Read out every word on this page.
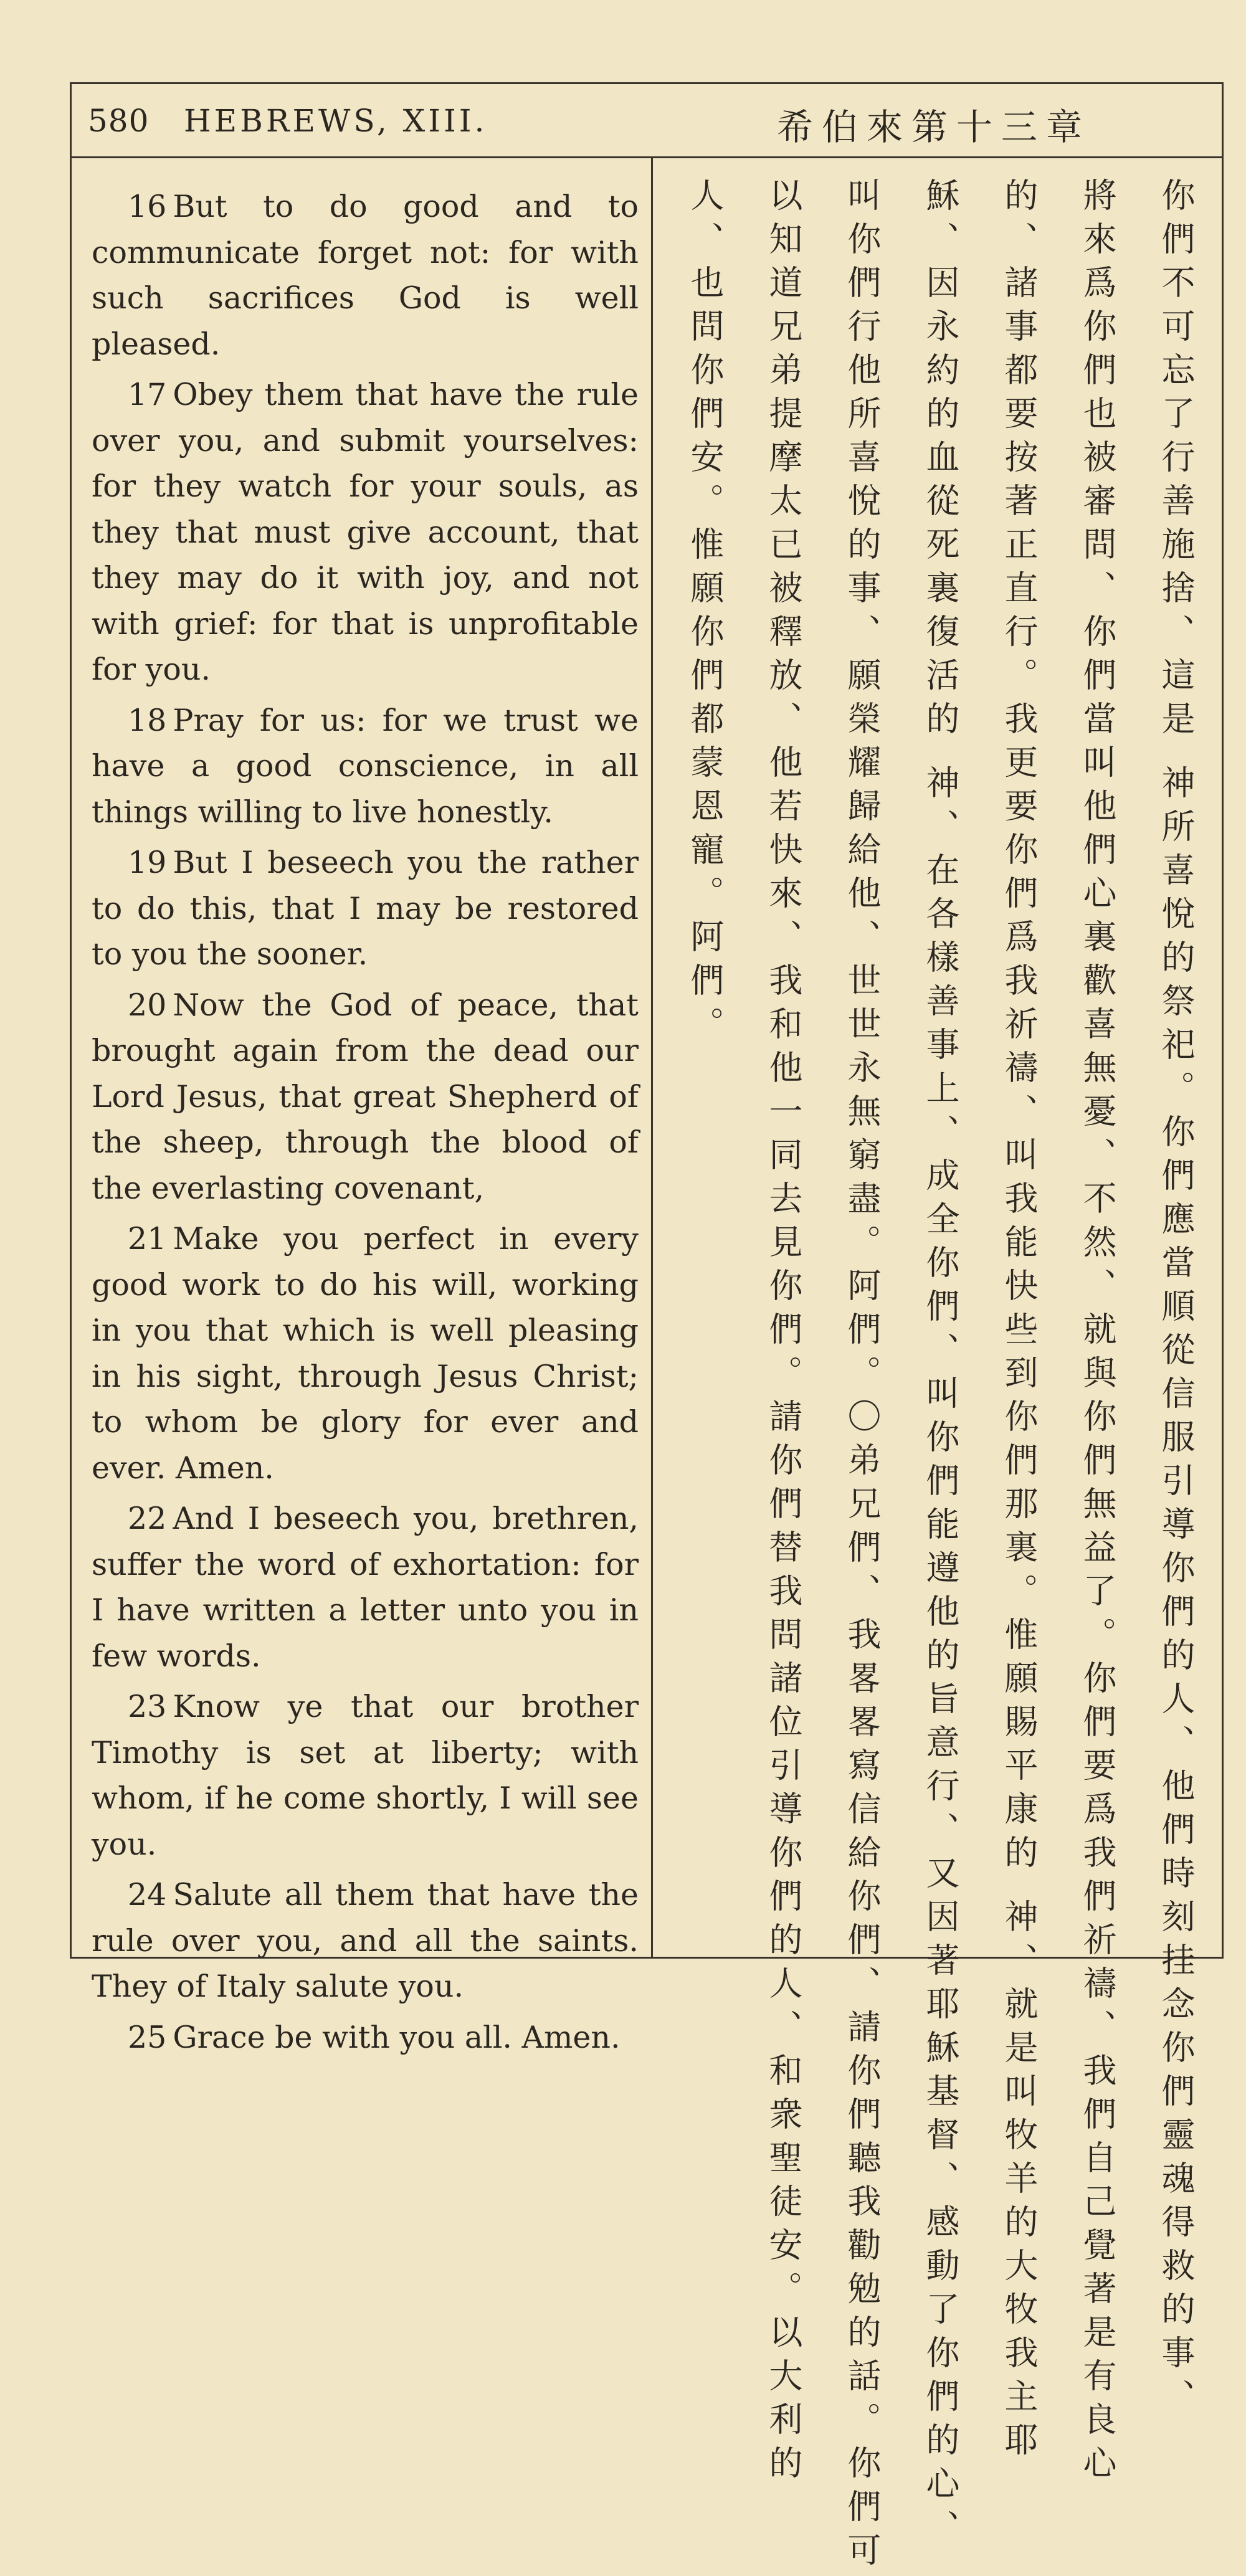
580 HEBREWS, XIII.	希伯來第十三章

16 But to do good and to communicate forget not: for with such sacrifices God is well pleased.

17 Obey them that have the rule over you, and submit yourselves: for they watch for your souls, as they that must give account, that they may do it with joy, and not with grief: for that is unprofitable for you.

18 Pray for us: for we trust we have a good conscience, in all things willing to live honestly.

19 But I beseech you the rather to do this, that I may be restored to you the sooner.

20 Now the God of peace, that brought again from the dead our Lord Jesus, that great Shepherd of the sheep, through the blood of the everlasting covenant,

21 Make you perfect in every good work to do his will, working in you that which is well pleasing in his sight, through Jesus Christ; to whom be glory for ever and ever. Amen.

22 And I beseech you, brethren, suffer the word of exhortation: for I have written a letter unto you in few words.

23 Know ye that our brother Timothy is set at liberty; with whom, if he come shortly, I will see you.

24 Salute all them that have the rule over you, and all the saints. They of Italy salute you.

25 Grace be with you all. Amen.	你們不可忘了行善施捨、這是 神所喜悅的祭祀。你們應當順從信服引導你們的人、他們時刻挂念你們靈魂得救的事、
將來爲你們也被審問、你們當叫他們心裏歡喜無憂、不然、就與你們無益了。你們要爲我們祈禱、我們自己覺著是有良心
的、諸事都要按著正直行。我更要你們爲我祈禱、叫我能快些到你們那裏。惟願賜平康的 神、就是叫牧羊的大牧我主耶
穌、因永約的血從死裏復活的 神、在各樣善事上、成全你們、叫你們能遵他的旨意行、又因著耶穌基督、感動了你們的心、
叫你們行他所喜悅的事、願榮耀歸給他、世世永無窮盡。阿們。〇弟兄們、我畧畧寫信給你們、請你們聽我勸勉的話。你們可
以知道兄弟提摩太已被釋放、他若快來、我和他一同去見你們。請你們替我問諸位引導你們的人、和衆聖徒安。以大利的
人、也問你們安。惟願你們都蒙恩寵。阿們。
